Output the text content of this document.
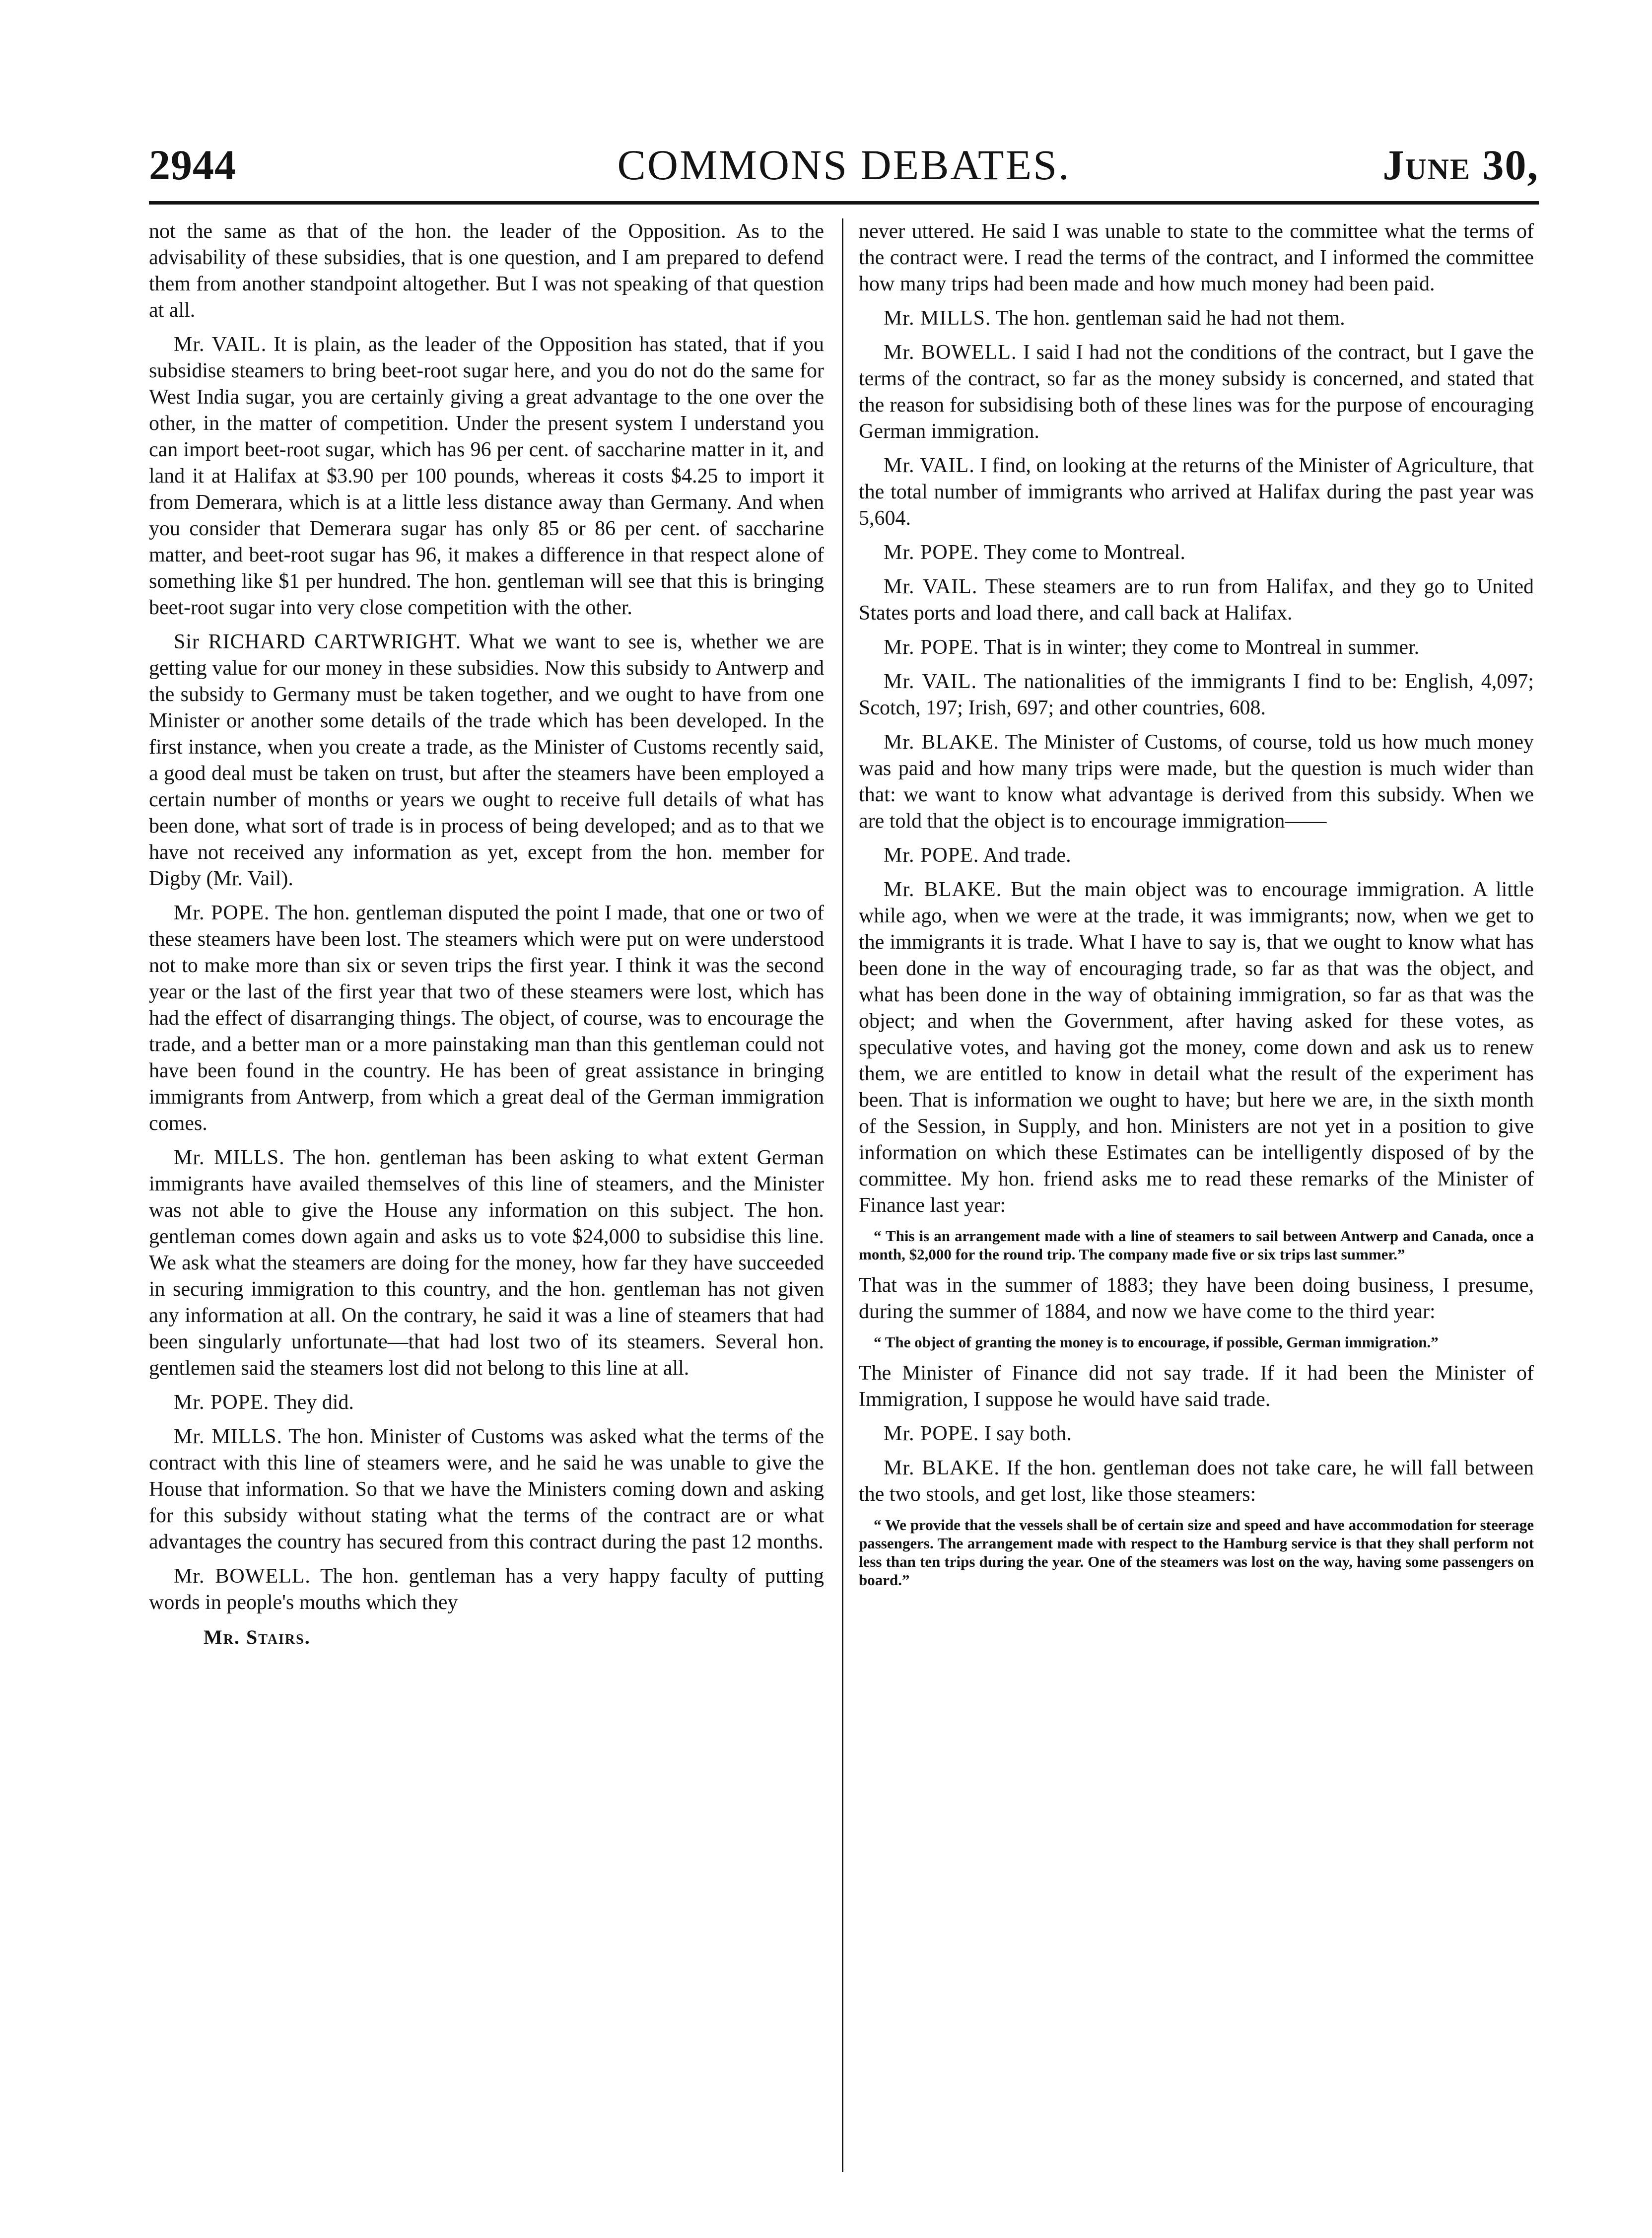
2944	COMMONS DEBATES.	June 30,

not the same as that of the hon. the leader of the Opposition. As to the advisability of these subsidies, that is one question, and I am prepared to defend them from another standpoint altogether. But I was not speaking of that question at all.

Mr. VAIL. It is plain, as the leader of the Opposition has stated, that if you subsidise steamers to bring beet-root sugar here, and you do not do the same for West India sugar, you are certainly giving a great advantage to the one over the other, in the matter of competition. Under the present system I understand you can import beet-root sugar, which has 96 per cent. of saccharine matter in it, and land it at Halifax at $3.90 per 100 pounds, whereas it costs $4.25 to import it from Demerara, which is at a little less distance away than Germany. And when you consider that Demerara sugar has only 85 or 86 per cent. of saccharine matter, and beet-root sugar has 96, it makes a difference in that respect alone of something like $1 per hundred. The hon. gentleman will see that this is bringing beet-root sugar into very close competition with the other.

Sir RICHARD CARTWRIGHT. What we want to see is, whether we are getting value for our money in these subsidies. Now this subsidy to Antwerp and the subsidy to Germany must be taken together, and we ought to have from one Minister or another some details of the trade which has been developed. In the first instance, when you create a trade, as the Minister of Customs recently said, a good deal must be taken on trust, but after the steamers have been employed a certain number of months or years we ought to receive full details of what has been done, what sort of trade is in process of being developed; and as to that we have not received any information as yet, except from the hon. member for Digby (Mr. Vail).

Mr. POPE. The hon. gentleman disputed the point I made, that one or two of these steamers have been lost. The steamers which were put on were understood not to make more than six or seven trips the first year. I think it was the second year or the last of the first year that two of these steamers were lost, which has had the effect of disarranging things. The object, of course, was to encourage the trade, and a better man or a more painstaking man than this gentleman could not have been found in the country. He has been of great assistance in bringing immigrants from Antwerp, from which a great deal of the German immigration comes.

Mr. MILLS. The hon. gentleman has been asking to what extent German immigrants have availed themselves of this line of steamers, and the Minister was not able to give the House any information on this subject. The hon. gentleman comes down again and asks us to vote $24,000 to subsidise this line. We ask what the steamers are doing for the money, how far they have succeeded in securing immigration to this country, and the hon. gentleman has not given any information at all. On the contrary, he said it was a line of steamers that had been singularly unfortunate—that had lost two of its steamers. Several hon. gentlemen said the steamers lost did not belong to this line at all.

Mr. POPE. They did.

Mr. MILLS. The hon. Minister of Customs was asked what the terms of the contract with this line of steamers were, and he said he was unable to give the House that information. So that we have the Ministers coming down and asking for this subsidy without stating what the terms of the contract are or what advantages the country has secured from this contract during the past 12 months.

Mr. BOWELL. The hon. gentleman has a very happy faculty of putting words in people's mouths which they

Mr. Stairs.

never uttered. He said I was unable to state to the committee what the terms of the contract were. I read the terms of the contract, and I informed the committee how many trips had been made and how much money had been paid.

Mr. MILLS. The hon. gentleman said he had not them.

Mr. BOWELL. I said I had not the conditions of the contract, but I gave the terms of the contract, so far as the money subsidy is concerned, and stated that the reason for subsidising both of these lines was for the purpose of encouraging German immigration.

Mr. VAIL. I find, on looking at the returns of the Minister of Agriculture, that the total number of immigrants who arrived at Halifax during the past year was 5,604.

Mr. POPE. They come to Montreal.

Mr. VAIL. These steamers are to run from Halifax, and they go to United States ports and load there, and call back at Halifax.

Mr. POPE. That is in winter; they come to Montreal in summer.

Mr. VAIL. The nationalities of the immigrants I find to be: English, 4,097; Scotch, 197; Irish, 697; and other countries, 608.

Mr. BLAKE. The Minister of Customs, of course, told us how much money was paid and how many trips were made, but the question is much wider than that: we want to know what advantage is derived from this subsidy. When we are told that the object is to encourage immigration——

Mr. POPE. And trade.

Mr. BLAKE. But the main object was to encourage immigration. A little while ago, when we were at the trade, it was immigrants; now, when we get to the immigrants it is trade. What I have to say is, that we ought to know what has been done in the way of encouraging trade, so far as that was the object, and what has been done in the way of obtaining immigration, so far as that was the object; and when the Government, after having asked for these votes, as speculative votes, and having got the money, come down and ask us to renew them, we are entitled to know in detail what the result of the experiment has been. That is information we ought to have; but here we are, in the sixth month of the Session, in Supply, and hon. Ministers are not yet in a position to give information on which these Estimates can be intelligently disposed of by the committee. My hon. friend asks me to read these remarks of the Minister of Finance last year:

“ This is an arrangement made with a line of steamers to sail between Antwerp and Canada, once a month, $2,000 for the round trip. The company made five or six trips last summer.”

That was in the summer of 1883; they have been doing business, I presume, during the summer of 1884, and now we have come to the third year:

“ The object of granting the money is to encourage, if possible, German immigration.”

The Minister of Finance did not say trade. If it had been the Minister of Immigration, I suppose he would have said trade.

Mr. POPE. I say both.

Mr. BLAKE. If the hon. gentleman does not take care, he will fall between the two stools, and get lost, like those steamers:

“ We provide that the vessels shall be of certain size and speed and have accommodation for steerage passengers. The arrangement made with respect to the Hamburg service is that they shall perform not less than ten trips during the year. One of the steamers was lost on the way, having some passengers on board.”
